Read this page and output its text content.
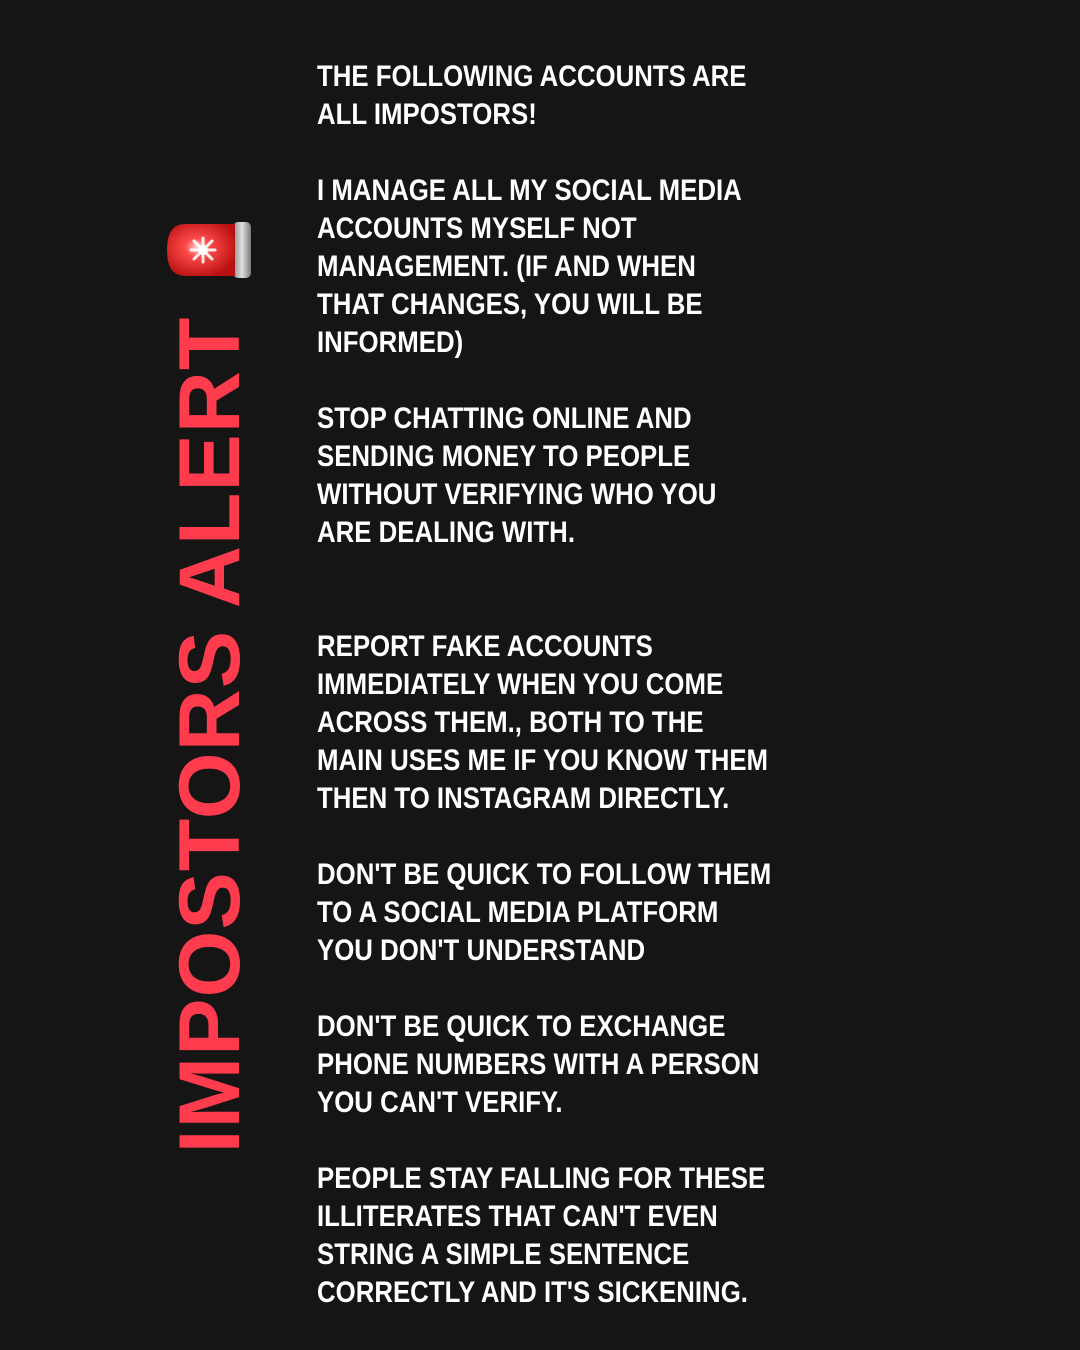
IMPOSTORS ALERT

THE FOLLOWING ACCOUNTS ARE
ALL IMPOSTORS!

I MANAGE ALL MY SOCIAL MEDIA
ACCOUNTS MYSELF NOT
MANAGEMENT. (IF AND WHEN
THAT CHANGES, YOU WILL BE
INFORMED)

STOP CHATTING ONLINE AND
SENDING MONEY TO PEOPLE
WITHOUT VERIFYING WHO YOU
ARE DEALING WITH.

REPORT FAKE ACCOUNTS
IMMEDIATELY WHEN YOU COME
ACROSS THEM., BOTH TO THE
MAIN USES ME IF YOU KNOW THEM
THEN TO INSTAGRAM DIRECTLY.

DON'T BE QUICK TO FOLLOW THEM
TO A SOCIAL MEDIA PLATFORM
YOU DON'T UNDERSTAND

DON'T BE QUICK TO EXCHANGE
PHONE NUMBERS WITH A PERSON
YOU CAN'T VERIFY.

PEOPLE STAY FALLING FOR THESE
ILLITERATES THAT CAN'T EVEN
STRING A SIMPLE SENTENCE
CORRECTLY AND IT'S SICKENING.
